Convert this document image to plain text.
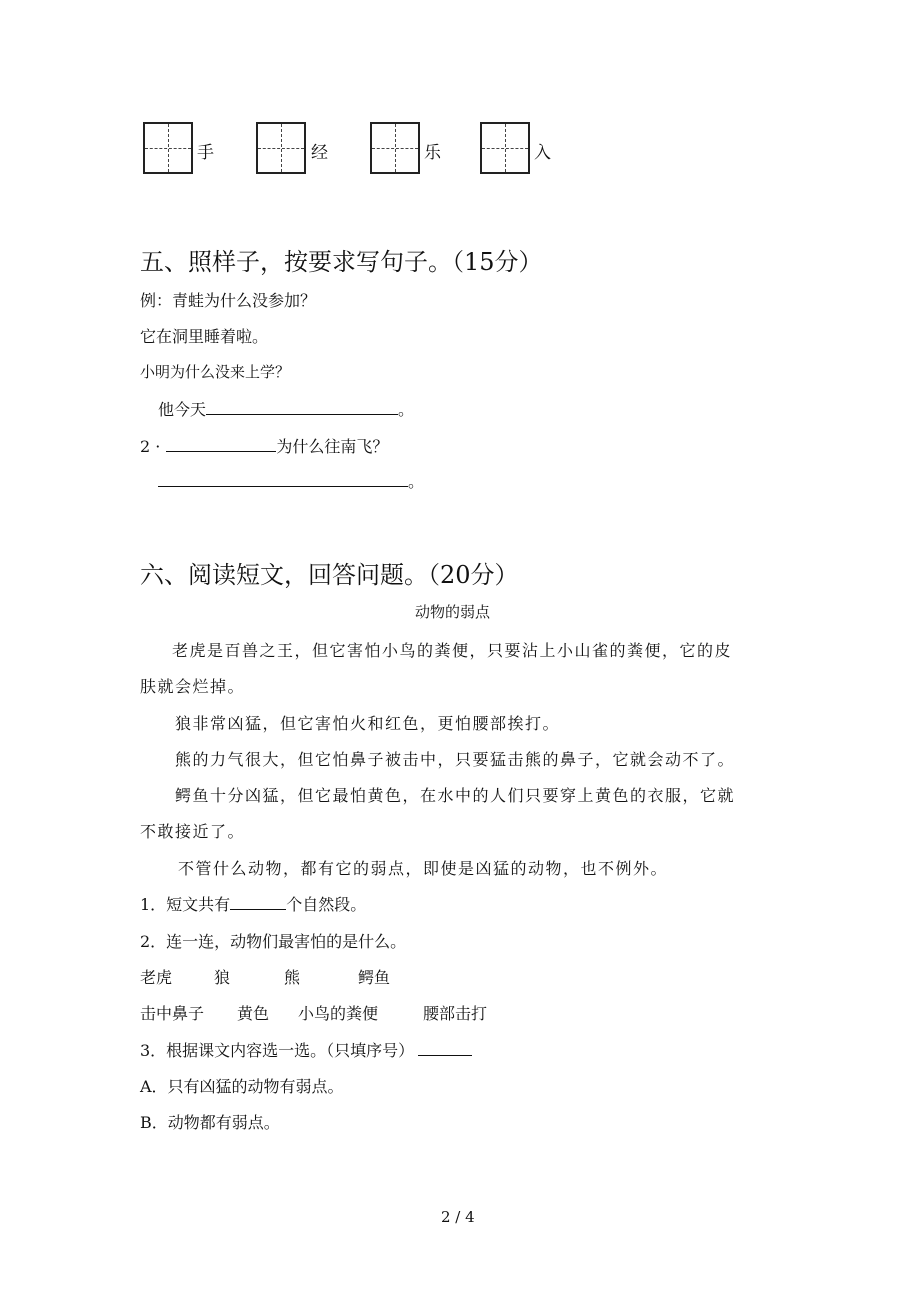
手	经	乐	入
五、照样子，按要求写句子。（15分）
例：青蛙为什么没参加？
它在洞里睡着啦。
小明为什么没来上学？
他今天	。
2 ·	为什么往南飞？
。
六、阅读短文，回答问题。（20分）
动物的弱点
老虎是百兽之王，但它害怕小鸟的粪便，只要沾上小山雀的粪便，它的皮
肤就会烂掉。
狼非常凶猛，但它害怕火和红色，更怕腰部挨打。
熊的力气很大，但它怕鼻子被击中，只要猛击熊的鼻子，它就会动不了。
鳄鱼十分凶猛，但它最怕黄色，在水中的人们只要穿上黄色的衣服，它就
不敢接近了。
不管什么动物，都有它的弱点，即使是凶猛的动物，也不例外。
1．短文共有	个自然段。
2．连一连，动物们最害怕的是什么。
老虎	狼	熊	鳄鱼
击中鼻子 黄色 小鸟的粪便	腰部击打
3．根据课文内容选一选。（只填序号）
A．只有凶猛的动物有弱点。
B．动物都有弱点。
2 / 4
